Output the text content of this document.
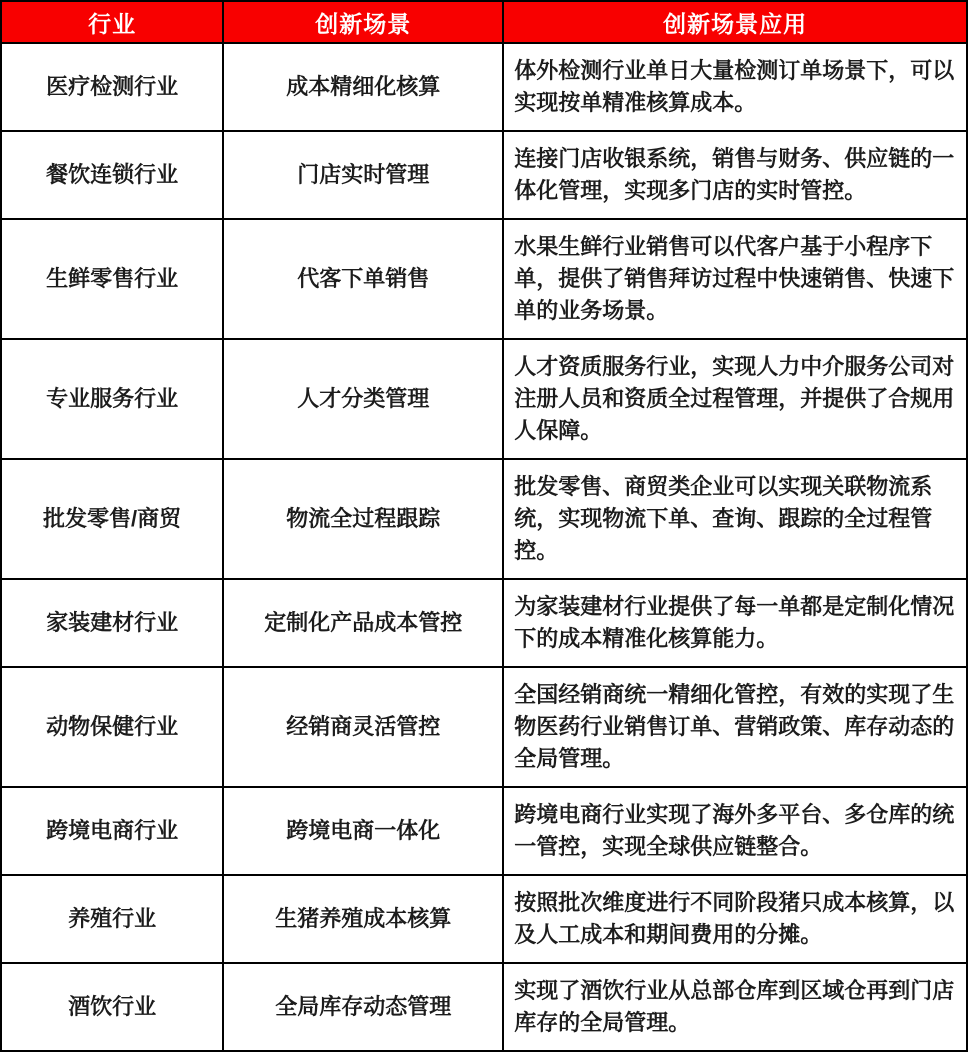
行业	创新场景	创新场景应用
医疗检测行业	成本精细化核算	体外检测行业单日大量检测订单场景下，可以实现按单精准核算成本。
餐饮连锁行业	门店实时管理	连接门店收银系统，销售与财务、供应链的一体化管理，实现多门店的实时管控。
生鲜零售行业	代客下单销售	水果生鲜行业销售可以代客户基于小程序下单，提供了销售拜访过程中快速销售、快速下单的业务场景。
专业服务行业	人才分类管理	人才资质服务行业，实现人力中介服务公司对注册人员和资质全过程管理，并提供了合规用人保障。
批发零售/商贸	物流全过程跟踪	批发零售、商贸类企业可以实现关联物流系统，实现物流下单、查询、跟踪的全过程管控。
家装建材行业	定制化产品成本管控	为家装建材行业提供了每一单都是定制化情况下的成本精准化核算能力。
动物保健行业	经销商灵活管控	全国经销商统一精细化管控，有效的实现了生物医药行业销售订单、营销政策、库存动态的全局管理。
跨境电商行业	跨境电商一体化	跨境电商行业实现了海外多平台、多仓库的统一管控，实现全球供应链整合。
养殖行业	生猪养殖成本核算	按照批次维度进行不同阶段猪只成本核算，以及人工成本和期间费用的分摊。
酒饮行业	全局库存动态管理	实现了酒饮行业从总部仓库到区域仓再到门店库存的全局管理。
